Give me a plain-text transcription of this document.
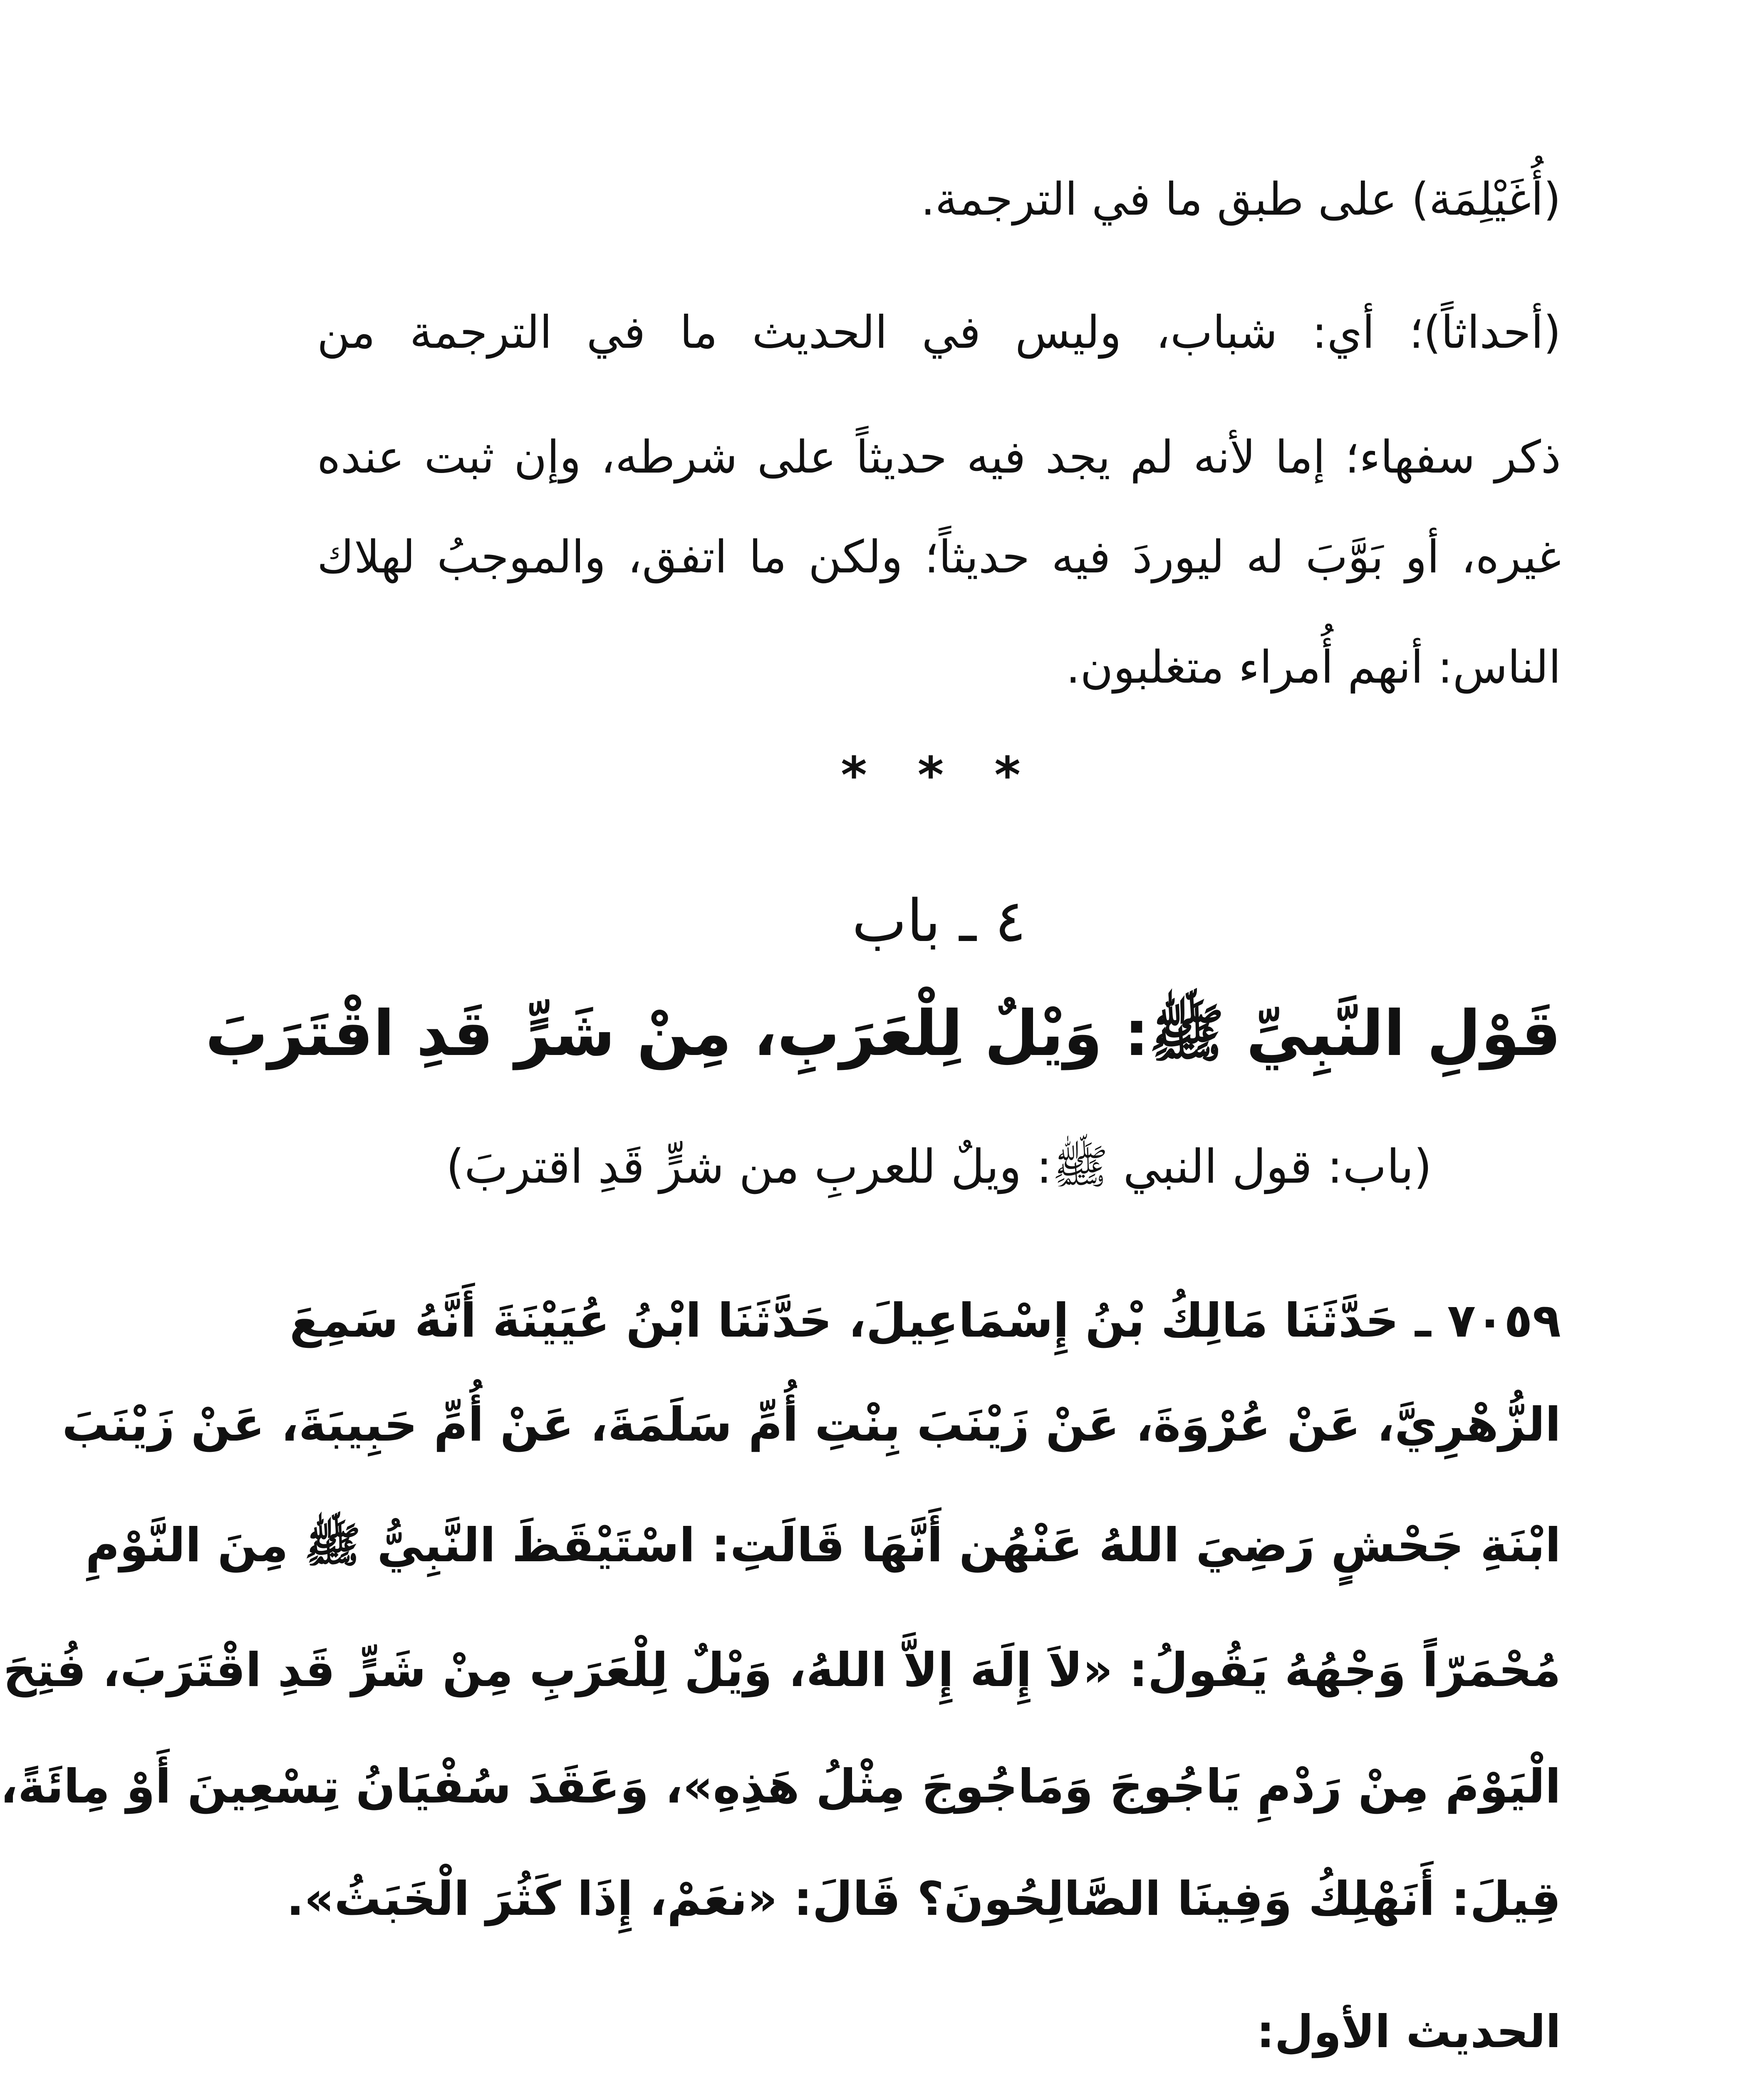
(أُغَيْلِمَة) على طبق ما في الترجمة.
(أحداثاً)؛ أي: شباب، وليس في الحديث ما في الترجمة من
ذكر سفهاء؛ إما لأنه لم يجد فيه حديثاً على شرطه، وإن ثبت عنده
غيره، أو بَوَّبَ له ليوردَ فيه حديثاً؛ ولكن ما اتفق، والموجبُ لهلاك
الناس: أنهم أُمراء متغلبون.
* * *
٤ ـ باب
قَوْلِ النَّبِيِّ ﷺ: وَيْلٌ لِلْعَرَبِ، مِنْ شَرٍّ قَدِ اقْتَرَبَ
(باب: قول النبي ﷺ: ويلٌ للعربِ من شرٍّ قَدِ اقتربَ)
٧٠٥٩ ـ حَدَّثَنَا مَالِكُ بْنُ إِسْمَاعِيلَ، حَدَّثَنَا ابْنُ عُيَيْنَةَ أَنَّهُ سَمِعَ
الزُّهْرِيَّ، عَنْ عُرْوَةَ، عَنْ زَيْنَبَ بِنْتِ أُمِّ سَلَمَةَ، عَنْ أُمِّ حَبِيبَةَ، عَنْ زَيْنَبَ
ابْنَةِ جَحْشٍ رَضِيَ اللهُ عَنْهُن أَنَّهَا قَالَتِ: اسْتَيْقَظَ النَّبِيُّ ﷺ مِنَ النَّوْمِ
مُحْمَرّاً وَجْهُهُ يَقُولُ: «لاَ إِلَهَ إِلاَّ اللهُ، وَيْلٌ لِلْعَرَبِ مِنْ شَرٍّ قَدِ اقْتَرَبَ، فُتِحَ
الْيَوْمَ مِنْ رَدْمِ يَاجُوجَ وَمَاجُوجَ مِثْلُ هَذِهِ»، وَعَقَدَ سُفْيَانُ تِسْعِينَ أَوْ مِائَةً،
قِيلَ: أَنَهْلِكُ وَفِينَا الصَّالِحُونَ؟ قَالَ: «نعَمْ، إِذَا كَثُرَ الْخَبَثُ».
الحديث الأول:
